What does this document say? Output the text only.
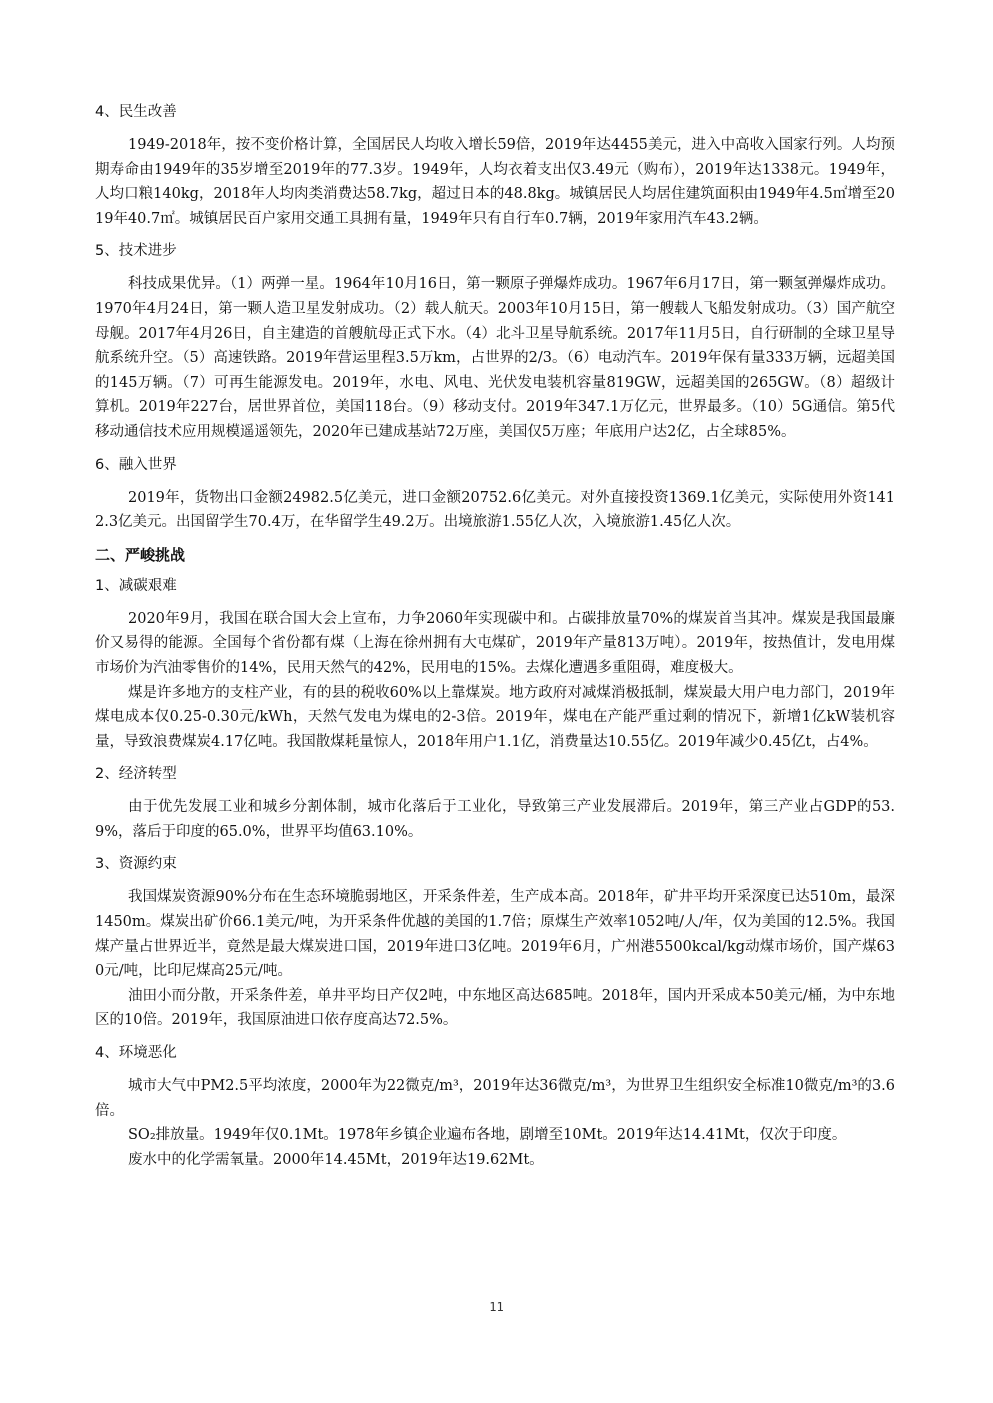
4、民生改善

1949-2018年，按不变价格计算，全国居民人均收入增长59倍，2019年达4455美元，进入中高收入国家行列。人均预期寿命由1949年的35岁增至2019年的77.3岁。1949年，人均衣着支出仅3.49元（购布），2019年达1338元。1949年，人均口粮140kg，2018年人均肉类消费达58.7kg，超过日本的48.8kg。城镇居民人均居住建筑面积由1949年4.5㎡增至2019年40.7㎡。城镇居民百户家用交通工具拥有量，1949年只有自行车0.7辆，2019年家用汽车43.2辆。

5、技术进步

科技成果优异。（1）两弹一星。1964年10月16日，第一颗原子弹爆炸成功。1967年6月17日，第一颗氢弹爆炸成功。1970年4月24日，第一颗人造卫星发射成功。（2）载人航天。2003年10月15日，第一艘载人飞船发射成功。（3）国产航空母舰。2017年4月26日，自主建造的首艘航母正式下水。（4）北斗卫星导航系统。2017年11月5日，自行研制的全球卫星导航系统升空。（5）高速铁路。2019年营运里程3.5万km，占世界的2/3。（6）电动汽车。2019年保有量333万辆，远超美国的145万辆。（7）可再生能源发电。2019年，水电、风电、光伏发电装机容量819GW，远超美国的265GW。（8）超级计算机。2019年227台，居世界首位，美国118台。（9）移动支付。2019年347.1万亿元，世界最多。（10）5G通信。第5代移动通信技术应用规模遥遥领先，2020年已建成基站72万座，美国仅5万座；年底用户达2亿，占全球85%。

6、融入世界

2019年，货物出口金额24982.5亿美元，进口金额20752.6亿美元。对外直接投资1369.1亿美元，实际使用外资1412.3亿美元。出国留学生70.4万，在华留学生49.2万。出境旅游1.55亿人次，入境旅游1.45亿人次。

二、严峻挑战
1、减碳艰难

2020年9月，我国在联合国大会上宣布，力争2060年实现碳中和。占碳排放量70%的煤炭首当其冲。煤炭是我国最廉价又易得的能源。全国每个省份都有煤（上海在徐州拥有大屯煤矿，2019年产量813万吨）。2019年，按热值计，发电用煤市场价为汽油零售价的14%，民用天然气的42%，民用电的15%。去煤化遭遇多重阻碍，难度极大。

煤是许多地方的支柱产业，有的县的税收60%以上靠煤炭。地方政府对减煤消极抵制，煤炭最大用户电力部门，2019年煤电成本仅0.25-0.30元/kWh，天然气发电为煤电的2-3倍。2019年，煤电在产能严重过剩的情况下，新增1亿kW装机容量，导致浪费煤炭4.17亿吨。我国散煤耗量惊人，2018年用户1.1亿，消费量达10.55亿。2019年减少0.45亿t，占4%。

2、经济转型

由于优先发展工业和城乡分割体制，城市化落后于工业化，导致第三产业发展滞后。2019年，第三产业占GDP的53.9%，落后于印度的65.0%，世界平均值63.10%。

3、资源约束

我国煤炭资源90%分布在生态环境脆弱地区，开采条件差，生产成本高。2018年，矿井平均开采深度已达510m，最深1450m。煤炭出矿价66.1美元/吨，为开采条件优越的美国的1.7倍；原煤生产效率1052吨/人/年，仅为美国的12.5%。我国煤产量占世界近半，竟然是最大煤炭进口国，2019年进口3亿吨。2019年6月，广州港5500kcal/kg动煤市场价，国产煤630元/吨，比印尼煤高25元/吨。

油田小而分散，开采条件差，单井平均日产仅2吨，中东地区高达685吨。2018年，国内开采成本50美元/桶，为中东地区的10倍。2019年，我国原油进口依存度高达72.5%。

4、环境恶化

城市大气中PM2.5平均浓度，2000年为22微克/m³，2019年达36微克/m³，为世界卫生组织安全标准10微克/m³的3.6倍。

SO₂排放量。1949年仅0.1Mt。1978年乡镇企业遍布各地，剧增至10Mt。2019年达14.41Mt，仅次于印度。

废水中的化学需氧量。2000年14.45Mt，2019年达19.62Mt。

11
